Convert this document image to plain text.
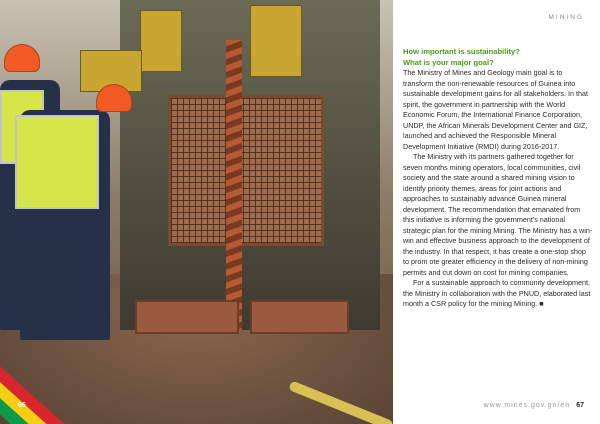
66
MINING
How important is sustainability?
What is your major goal?

The Ministry of Mines and Geology main goal is to transform the non-renewable resources of Guinea into sustainable development gains for all stakeholders. In that spirit, the government in partnership with the World Economic Forum, the International Finance Corporation, UNDP, the African Minerals Development Center and GIZ, launched and achieved the Responsible Mineral Development Initiative (RMDI) during 2016-2017.

The Ministry with its partners gathered together for seven months mining operators, local communities, civil society and the state around a shared mining vision to identify priority themes, areas for joint actions and approaches to sustainably advance Guinea mineral development. The recommendation that emanated from this initiative is informing the government's national strategic plan for the mining Mining. The Ministry has a win-win and effective business approach to the development of the industry. In that respect, it has create a one-stop shop to prom ote greater efficiency in the delivery of non-mining permits and cut down on cost for mining companies.

For a sustainable approach to community development, the Ministry in collaboration with the PNUD, elaborated last month a CSR policy for the mining Mining. ■

www.mines.gov.gn/en 67
